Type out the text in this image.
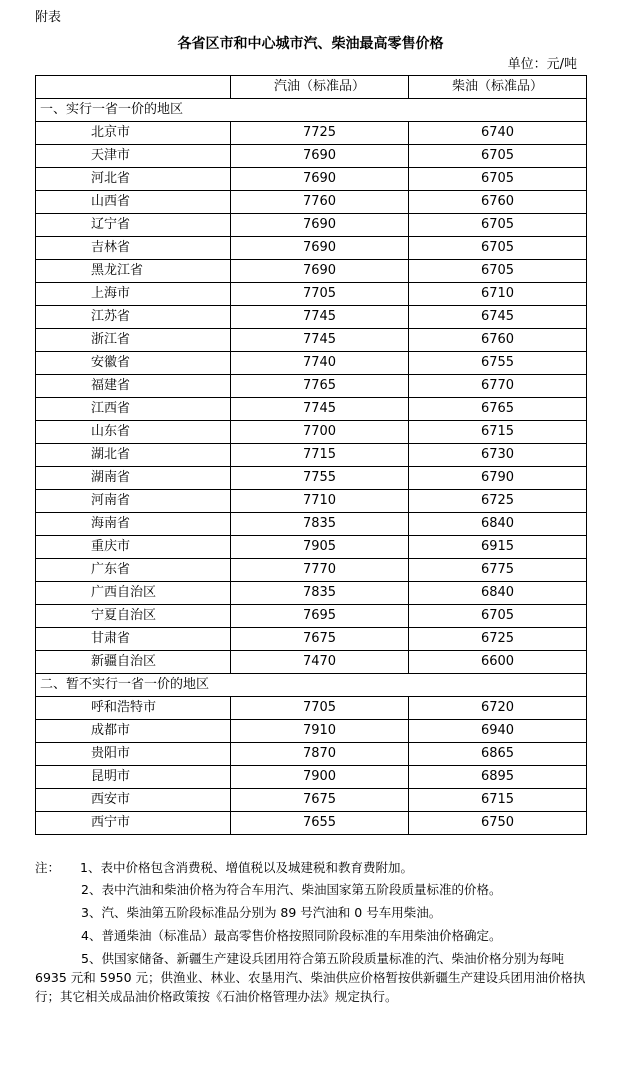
附表
各省区市和中心城市汽、柴油最高零售价格
单位：元/吨
	汽油（标准品）	柴油（标准品）
一、实行一省一价的地区		
北京市	7725	6740
天津市	7690	6705
河北省	7690	6705
山西省	7760	6760
辽宁省	7690	6705
吉林省	7690	6705
黑龙江省	7690	6705
上海市	7705	6710
江苏省	7745	6745
浙江省	7745	6760
安徽省	7740	6755
福建省	7765	6770
江西省	7745	6765
山东省	7700	6715
湖北省	7715	6730
湖南省	7755	6790
河南省	7710	6725
海南省	7835	6840
重庆市	7905	6915
广东省	7770	6775
广西自治区	7835	6840
宁夏自治区	7695	6705
甘肃省	7675	6725
新疆自治区	7470	6600
二、暂不实行一省一价的地区		
呼和浩特市	7705	6720
成都市	7910	6940
贵阳市	7870	6865
昆明市	7900	6895
西安市	7675	6715
西宁市	7655	6750
注： 1、表中价格包含消费税、增值税以及城建税和教育费附加。
2、表中汽油和柴油价格为符合车用汽、柴油国家第五阶段质量标准的价格。
3、汽、柴油第五阶段标准品分别为 89 号汽油和 0 号车用柴油。
4、普通柴油（标准品）最高零售价格按照同阶段标准的车用柴油价格确定。
5、供国家储备、新疆生产建设兵团用符合第五阶段质量标准的汽、柴油价格分别为每吨 6935 元和 5950 元；供渔业、林业、农垦用汽、柴油供应价格暂按供新疆生产建设兵团用油价格执行；其它相关成品油价格政策按《石油价格管理办法》规定执行。
